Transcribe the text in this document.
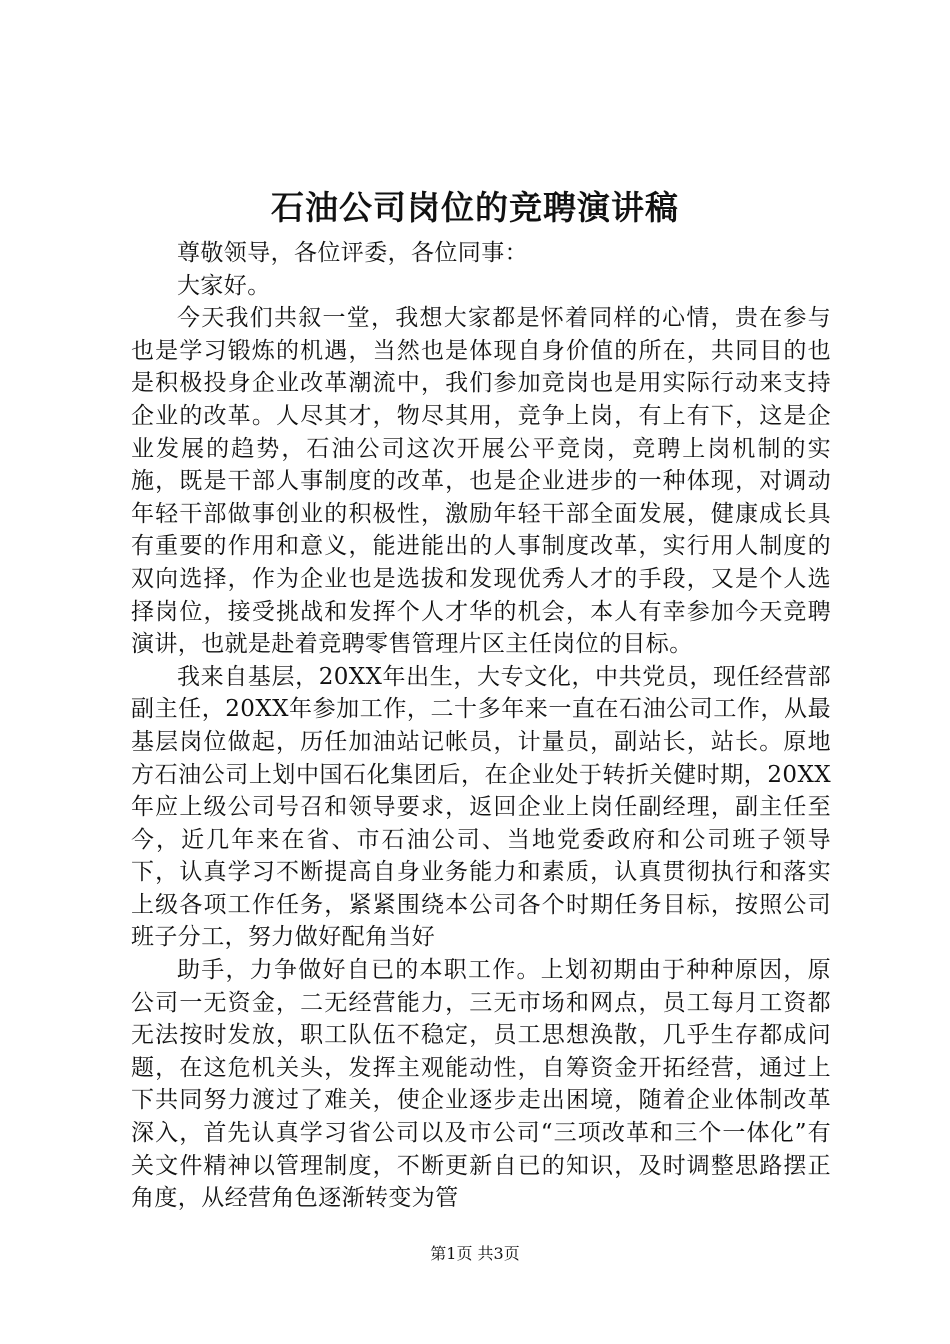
石油公司岗位的竞聘演讲稿

尊敬领导，各位评委，各位同事：

大家好。

今天我们共叙一堂，我想大家都是怀着同样的心情，贵在参与也是学习锻炼的机遇，当然也是体现自身价值的所在，共同目的也是积极投身企业改革潮流中，我们参加竞岗也是用实际行动来支持企业的改革。人尽其才，物尽其用，竞争上岗，有上有下，这是企业发展的趋势，石油公司这次开展公平竞岗，竞聘上岗机制的实施，既是干部人事制度的改革，也是企业进步的一种体现，对调动年轻干部做事创业的积极性，激励年轻干部全面发展，健康成长具有重要的作用和意义，能进能出的人事制度改革，实行用人制度的双向选择，作为企业也是选拔和发现优秀人才的手段，又是个人选择岗位，接受挑战和发挥个人才华的机会，本人有幸参加今天竞聘演讲，也就是赴着竞聘零售管理片区主任岗位的目标。

我来自基层，20XX年出生，大专文化，中共党员，现任经营部副主任，20XX年参加工作，二十多年来一直在石油公司工作，从最基层岗位做起，历任加油站记帐员，计量员，副站长，站长。原地方石油公司上划中国石化集团后，在企业处于转折关健时期，20XX年应上级公司号召和领导要求，返回企业上岗任副经理，副主任至今，近几年来在省、市石油公司、当地党委政府和公司班子领导下，认真学习不断提高自身业务能力和素质，认真贯彻执行和落实上级各项工作任务，紧紧围绕本公司各个时期任务目标，按照公司班子分工，努力做好配角当好

助手，力争做好自已的本职工作。上划初期由于种种原因，原公司一无资金，二无经营能力，三无市场和网点，员工每月工资都无法按时发放，职工队伍不稳定，员工思想涣散，几乎生存都成问题，在这危机关头，发挥主观能动性，自筹资金开拓经营，通过上下共同努力渡过了难关，使企业逐步走出困境，随着企业体制改革深入，首先认真学习省公司以及市公司“三项改革和三个一体化”有关文件精神以管理制度，不断更新自已的知识，及时调整思路摆正角度，从经营角色逐渐转变为管

第1页 共3页
